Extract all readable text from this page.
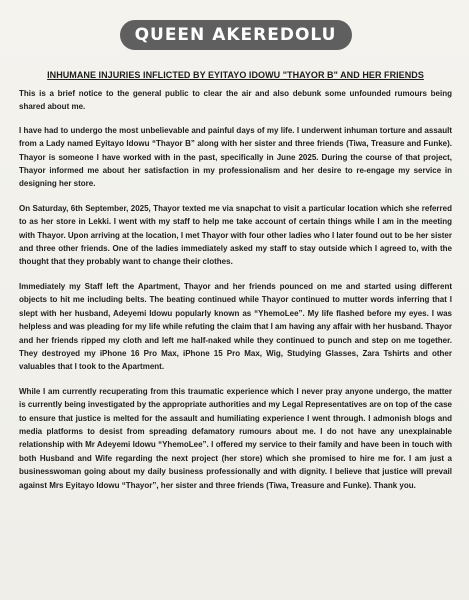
QUEEN AKEREDOLU
INHUMANE INJURIES INFLICTED BY EYITAYO IDOWU "THAYOR B" AND HER FRIENDS

This is a brief notice to the general public to clear the air and also debunk some unfounded rumours being shared about me.

I have had to undergo the most unbelievable and painful days of my life. I underwent inhuman torture and assault from a Lady named Eyitayo Idowu “Thayor B” along with her sister and three friends (Tiwa, Treasure and Funke). Thayor is someone I have worked with in the past, specifically in June 2025. During the course of that project, Thayor informed me about her satisfaction in my professionalism and her desire to re-engage my service in designing her store.

On Saturday, 6th September, 2025, Thayor texted me via snapchat to visit a particular location which she referred to as her store in Lekki. I went with my staff to help me take account of certain things while I am in the meeting with Thayor. Upon arriving at the location, I met Thayor with four other ladies who I later found out to be her sister and three other friends. One of the ladies immediately asked my staff to stay outside which I agreed to, with the thought that they probably want to change their clothes.

Immediately my Staff left the Apartment, Thayor and her friends pounced on me and started using different objects to hit me including belts. The beating continued while Thayor continued to mutter words inferring that I slept with her husband, Adeyemi Idowu popularly known as “YhemoLee”. My life flashed before my eyes. I was helpless and was pleading for my life while refuting the claim that I am having any affair with her husband. Thayor and her friends ripped my cloth and left me half-naked while they continued to punch and step on me together. They destroyed my iPhone 16 Pro Max, iPhone 15 Pro Max, Wig, Studying Glasses, Zara Tshirts and other valuables that I took to the Apartment.

While I am currently recuperating from this traumatic experience which I never pray anyone undergo, the matter is currently being investigated by the appropriate authorities and my Legal Representatives are on top of the case to ensure that justice is melted for the assault and humiliating experience I went through. I admonish blogs and media platforms to desist from spreading defamatory rumours about me. I do not have any unexplainable relationship with Mr Adeyemi Idowu “YhemoLee”. I offered my service to their family and have been in touch with both Husband and Wife regarding the next project (her store) which she promised to hire me for. I am just a businesswoman going about my daily business professionally and with dignity. I believe that justice will prevail against Mrs Eyitayo Idowu “Thayor”, her sister and three friends (Tiwa, Treasure and Funke). Thank you.
